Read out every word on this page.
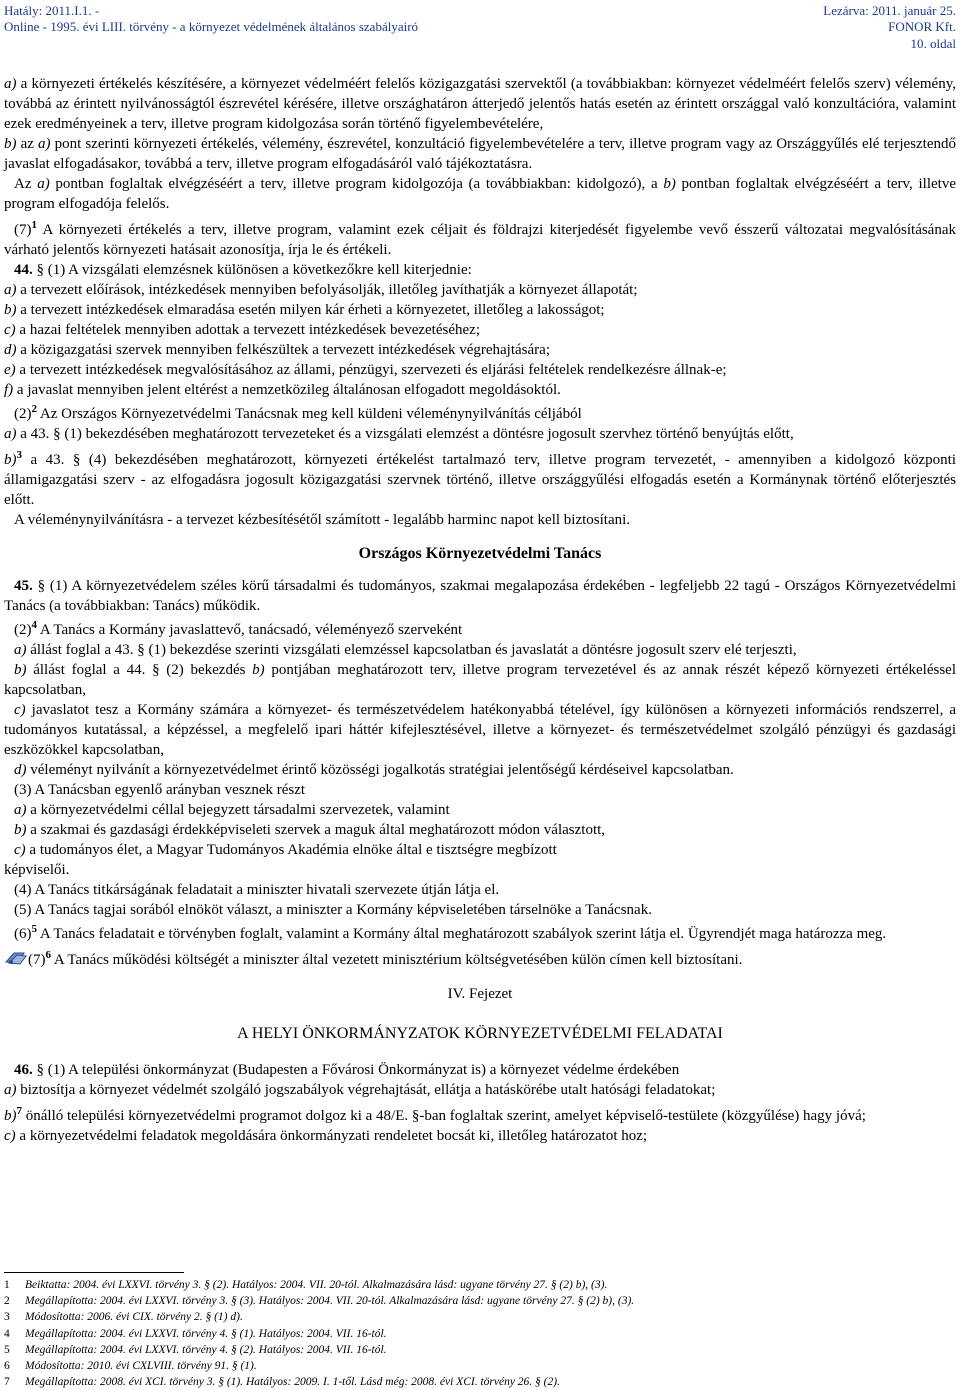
Hatály: 2011.I.1. -
Online - 1995. évi LIII. törvény - a környezet védelmének általános szabályairó
Lezárva: 2011. január 25.
FONOR Kft.
10. oldal

a) a környezeti értékelés készítésére, a környezet védelméért felelős közigazgatási szervektől (a továbbiakban: környezet védelméért felelős szerv) vélemény, továbbá az érintett nyilvánosságtól észrevétel kérésére, illetve országhatáron átterjedő jelentős hatás esetén az érintett országgal való konzultációra, valamint ezek eredményeinek a terv, illetve program kidolgozása során történő figyelembevételére,

b) az a) pont szerinti környezeti értékelés, vélemény, észrevétel, konzultáció figyelembevételére a terv, illetve program vagy az Országgyűlés elé terjesztendő javaslat elfogadásakor, továbbá a terv, illetve program elfogadásáról való tájékoztatásra.

Az a) pontban foglaltak elvégzéséért a terv, illetve program kidolgozója (a továbbiakban: kidolgozó), a b) pontban foglaltak elvégzéséért a terv, illetve program elfogadója felelős.

$(7)^1$ A környezeti értékelés a terv, illetve program, valamint ezek céljait és földrajzi kiterjedését figyelembe vevő ésszerű változatai megvalósításának várható jelentős környezeti hatásait azonosítja, írja le és értékeli.

44. § (1) A vizsgálati elemzésnek különösen a következőkre kell kiterjednie:

a) a tervezett előírások, intézkedések mennyiben befolyásolják, illetőleg javíthatják a környezet állapotát;

b) a tervezett intézkedések elmaradása esetén milyen kár érheti a környezetet, illetőleg a lakosságot;

c) a hazai feltételek mennyiben adottak a tervezett intézkedések bevezetéséhez;

d) a közigazgatási szervek mennyiben felkészültek a tervezett intézkedések végrehajtására;

e) a tervezett intézkedések megvalósításához az állami, pénzügyi, szervezeti és eljárási feltételek rendelkezésre állnak-e;

f) a javaslat mennyiben jelent eltérést a nemzetközileg általánosan elfogadott megoldásoktól.

$(2)^2$ Az Országos Környezetvédelmi Tanácsnak meg kell küldeni véleménynyilvánítás céljából

a) a 43. § (1) bekezdésében meghatározott tervezeteket és a vizsgálati elemzést a döntésre jogosult szervhez történő benyújtás előtt,

b)$^3$ a 43. § (4) bekezdésében meghatározott, környezeti értékelést tartalmazó terv, illetve program tervezetét, - amennyiben a kidolgozó központi államigazgatási szerv - az elfogadásra jogosult közigazgatási szervnek történő, illetve országgyűlési elfogadás esetén a Kormánynak történő előterjesztés előtt.

A véleménynyilvánításra - a tervezet kézbesítésétől számított - legalább harminc napot kell biztosítani.

Országos Környezetvédelmi Tanács

45. § (1) A környezetvédelem széles körű társadalmi és tudományos, szakmai megalapozása érdekében - legfeljebb 22 tagú - Országos Környezetvédelmi Tanács (a továbbiakban: Tanács) működik.

$(2)^4$ A Tanács a Kormány javaslattevő, tanácsadó, véleményező szerveként

a) állást foglal a 43. § (1) bekezdése szerinti vizsgálati elemzéssel kapcsolatban és javaslatát a döntésre jogosult szerv elé terjeszti,

b) állást foglal a 44. § (2) bekezdés b) pontjában meghatározott terv, illetve program tervezetével és az annak részét képező környezeti értékeléssel kapcsolatban,

c) javaslatot tesz a Kormány számára a környezet- és természetvédelem hatékonyabbá tételével, így különösen a környezeti információs rendszerrel, a tudományos kutatással, a képzéssel, a megfelelő ipari háttér kifejlesztésével, illetve a környezet- és természetvédelmet szolgáló pénzügyi és gazdasági eszközökkel kapcsolatban,

d) véleményt nyilvánít a környezetvédelmet érintő közösségi jogalkotás stratégiai jelentőségű kérdéseivel kapcsolatban.

(3) A Tanácsban egyenlő arányban vesznek részt

a) a környezetvédelmi céllal bejegyzett társadalmi szervezetek, valamint

b) a szakmai és gazdasági érdekképviseleti szervek a maguk által meghatározott módon választott,

c) a tudományos élet, a Magyar Tudományos Akadémia elnöke által e tisztségre megbízott

képviselői.

(4) A Tanács titkárságának feladatait a miniszter hivatali szervezete útján látja el.

(5) A Tanács tagjai sorából elnököt választ, a miniszter a Kormány képviseletében társelnöke a Tanácsnak.

$(6)^5$ A Tanács feladatait e törvényben foglalt, valamint a Kormány által meghatározott szabályok szerint látja el. Ügyrendjét maga határozza meg.

$(7)^6$ A Tanács működési költségét a miniszter által vezetett minisztérium költségvetésében külön címen kell biztosítani.

IV. Fejezet

A HELYI ÖNKORMÁNYZATOK KÖRNYEZETVÉDELMI FELADATAI

46. § (1) A települési önkormányzat (Budapesten a Fővárosi Önkormányzat is) a környezet védelme érdekében

a) biztosítja a környezet védelmét szolgáló jogszabályok végrehajtását, ellátja a hatáskörébe utalt hatósági feladatokat;

b)$^7$ önálló települési környezetvédelmi programot dolgoz ki a 48/E. §-ban foglaltak szerint, amelyet képviselő-testülete (közgyűlése) hagy jóvá;

c) a környezetvédelmi feladatok megoldására önkormányzati rendeletet bocsát ki, illetőleg határozatot hoz;

1	Beiktatta: 2004. évi LXXVI. törvény 3. § (2). Hatályos: 2004. VII. 20-tól. Alkalmazására lásd: ugyane törvény 27. § (2) b), (3).
2	Megállapította: 2004. évi LXXVI. törvény 3. § (3). Hatályos: 2004. VII. 20-tól. Alkalmazására lásd: ugyane törvény 27. § (2) b), (3).
3	Módosította: 2006. évi CIX. törvény 2. § (1) d).
4	Megállapította: 2004. évi LXXVI. törvény 4. § (1). Hatályos: 2004. VII. 16-tól.
5	Megállapította: 2004. évi LXXVI. törvény 4. § (2). Hatályos: 2004. VII. 16-tól.
6	Módosította: 2010. évi CXLVIII. törvény 91. § (1).
7	Megállapította: 2008. évi XCI. törvény 3. § (1). Hatályos: 2009. I. 1-től. Lásd még: 2008. évi XCI. törvény 26. § (2).
